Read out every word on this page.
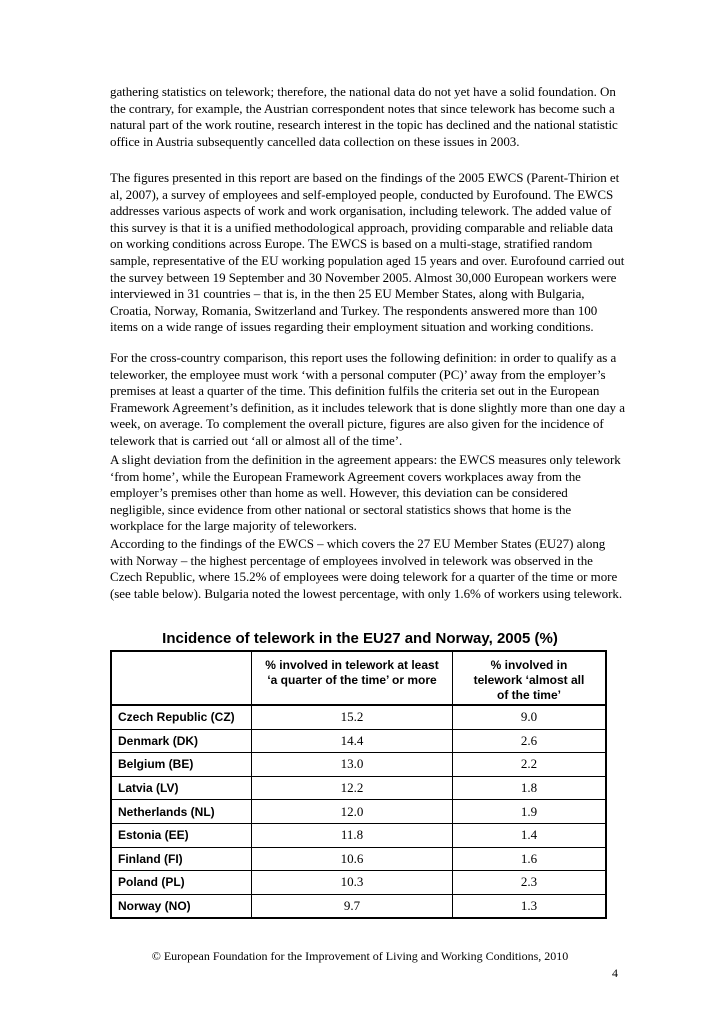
gathering statistics on telework; therefore, the national data do not yet have a solid foundation. On the contrary, for example, the Austrian correspondent notes that since telework has become such a natural part of the work routine, research interest in the topic has declined and the national statistic office in Austria subsequently cancelled data collection on these issues in 2003.

The figures presented in this report are based on the findings of the 2005 EWCS (Parent-Thirion et al, 2007), a survey of employees and self-employed people, conducted by Eurofound. The EWCS addresses various aspects of work and work organisation, including telework. The added value of this survey is that it is a unified methodological approach, providing comparable and reliable data on working conditions across Europe. The EWCS is based on a multi-stage, stratified random sample, representative of the EU working population aged 15 years and over. Eurofound carried out the survey between 19 September and 30 November 2005. Almost 30,000 European workers were interviewed in 31 countries – that is, in the then 25 EU Member States, along with Bulgaria, Croatia, Norway, Romania, Switzerland and Turkey. The respondents answered more than 100 items on a wide range of issues regarding their employment situation and working conditions.

For the cross-country comparison, this report uses the following definition: in order to qualify as a teleworker, the employee must work ‘with a personal computer (PC)’ away from the employer’s premises at least a quarter of the time. This definition fulfils the criteria set out in the European Framework Agreement’s definition, as it includes telework that is done slightly more than one day a week, on average. To complement the overall picture, figures are also given for the incidence of telework that is carried out ‘all or almost all of the time’.

A slight deviation from the definition in the agreement appears: the EWCS measures only telework ‘from home’, while the European Framework Agreement covers workplaces away from the employer’s premises other than home as well. However, this deviation can be considered negligible, since evidence from other national or sectoral statistics shows that home is the workplace for the large majority of teleworkers.

According to the findings of the EWCS – which covers the 27 EU Member States (EU27) along with Norway – the highest percentage of employees involved in telework was observed in the Czech Republic, where 15.2% of employees were doing telework for a quarter of the time or more (see table below). Bulgaria noted the lowest percentage, with only 1.6% of workers using telework.

Incidence of telework in the EU27 and Norway, 2005 (%)
	% involved in telework at least ‘a quarter of the time’ or more	% involved in telework ‘almost all of the time’
Czech Republic (CZ)	15.2	9.0
Denmark (DK)	14.4	2.6
Belgium (BE)	13.0	2.2
Latvia (LV)	12.2	1.8
Netherlands (NL)	12.0	1.9
Estonia (EE)	11.8	1.4
Finland (FI)	10.6	1.6
Poland (PL)	10.3	2.3
Norway (NO)	9.7	1.3
© European Foundation for the Improvement of Living and Working Conditions, 2010
4
